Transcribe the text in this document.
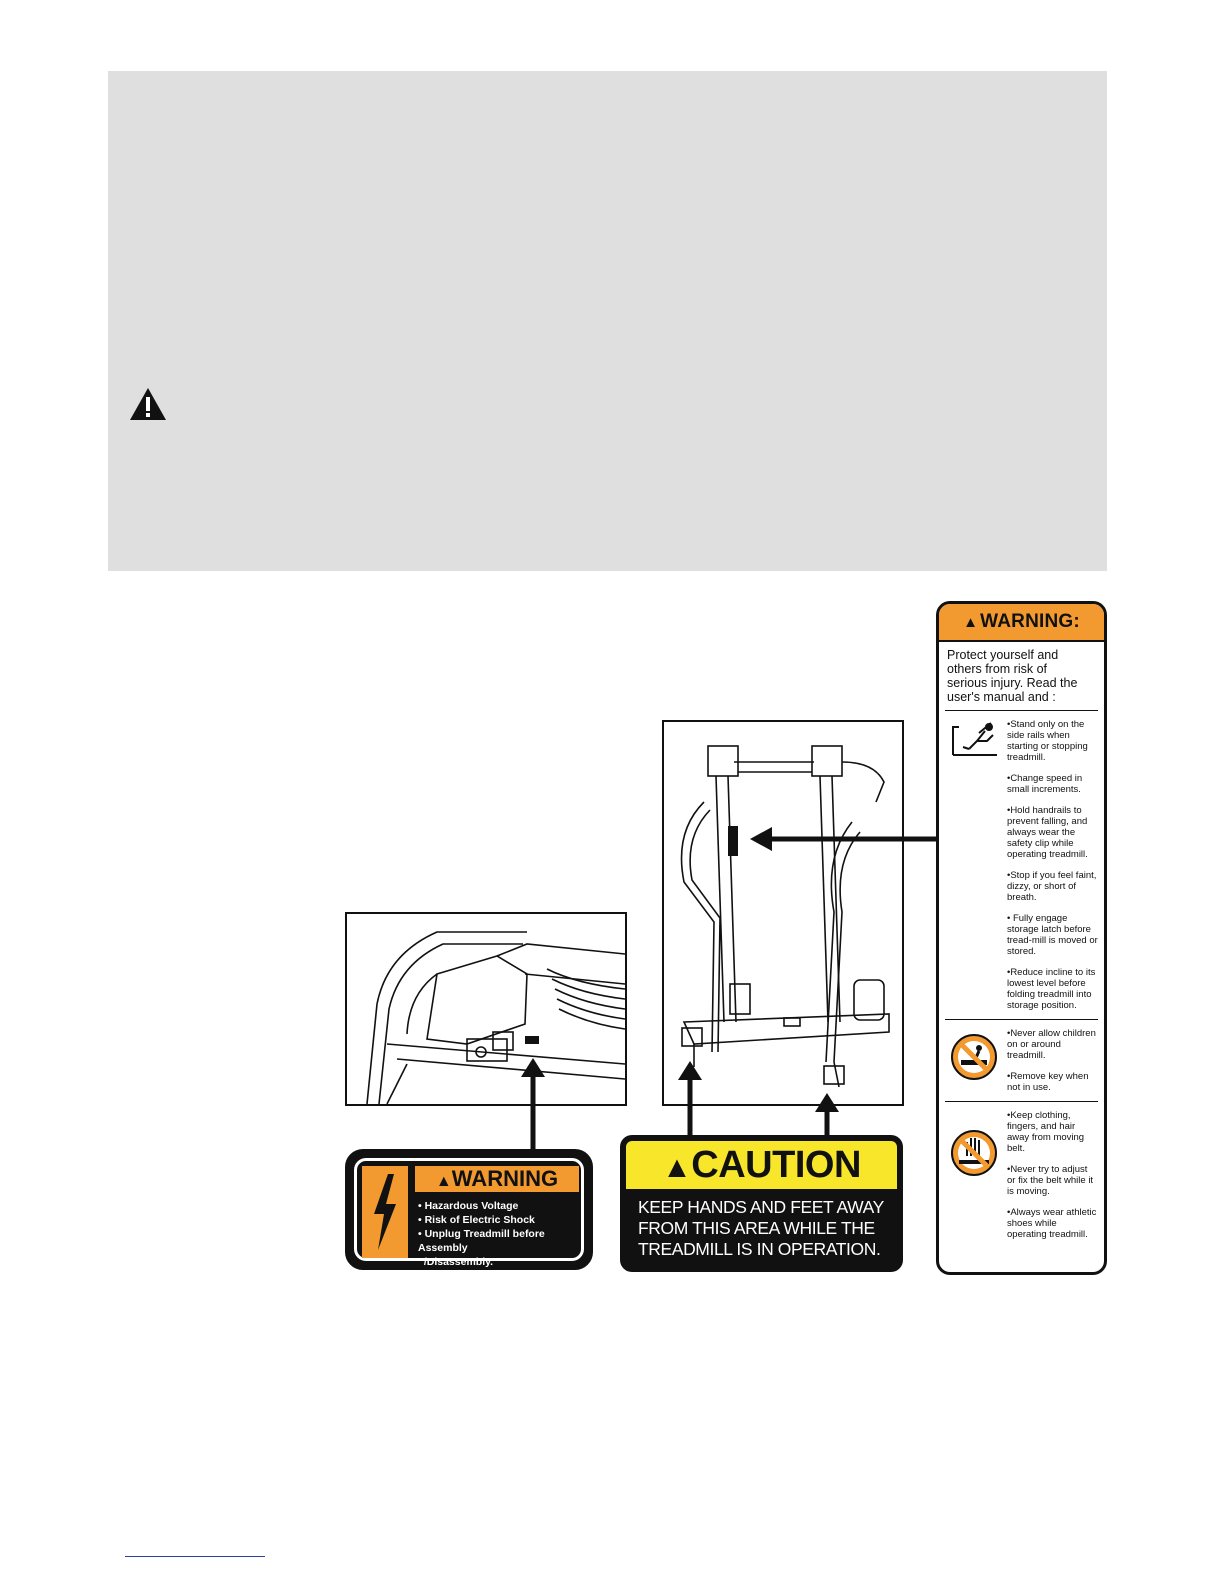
▲WARNING
• Hazardous Voltage
• Risk of Electric Shock
• Unplug Treadmill before Assembly
/Disassembly.
▲CAUTION
KEEP HANDS AND FEET AWAY FROM THIS AREA WHILE THE TREADMILL IS IN OPERATION.
▲ WARNING:
Protect yourself and others from risk of serious injury. Read the user's manual and :
•Stand only on the side rails when starting or stopping treadmill.
•Change speed in small increments.
•Hold handrails to prevent falling, and always wear the safety clip while operating treadmill.
•Stop if you feel faint, dizzy, or short of breath.
• Fully engage storage latch before tread-mill is moved or stored.
•Reduce incline to its lowest level before folding treadmill into storage position.
•Never allow children on or around treadmill.
•Remove key when not in use.
•Keep clothing, fingers, and hair away from moving belt.
•Never try to adjust or fix the belt while it is moving.
•Always wear athletic shoes while operating treadmill.
